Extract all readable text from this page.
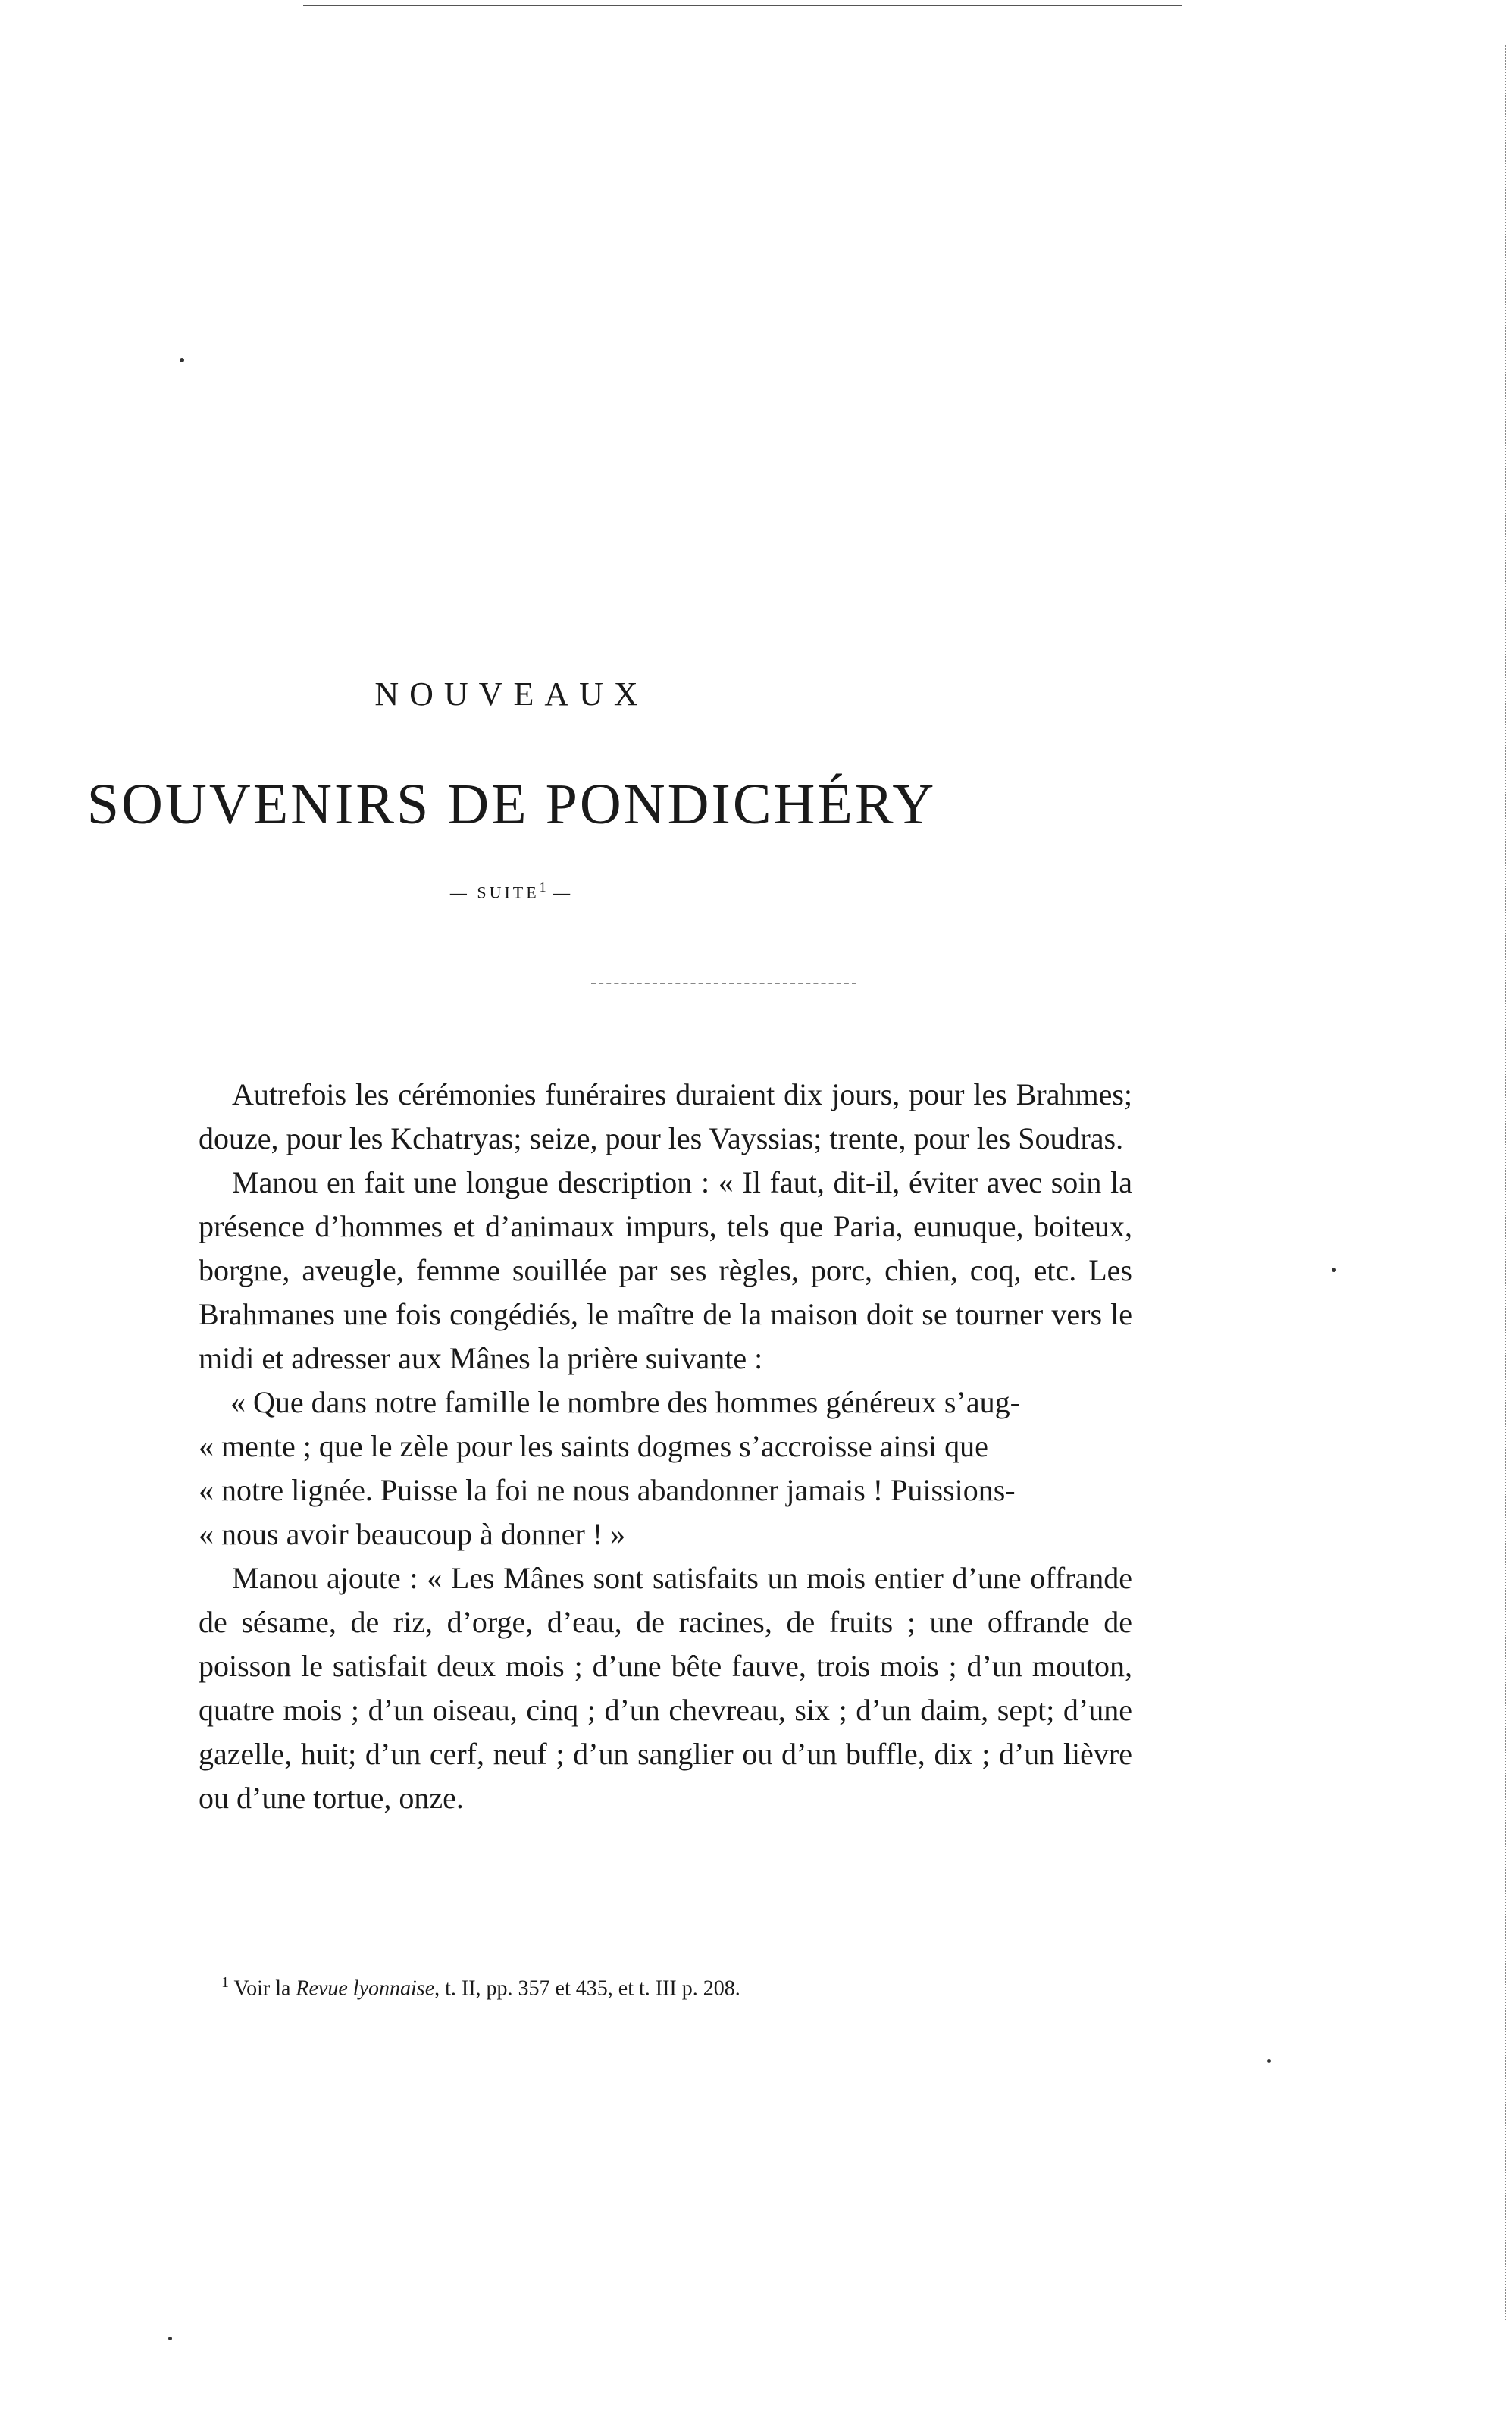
NOUVEAUX
SOUVENIRS DE PONDICHÉRY
— SUITE$^1$ —

Autrefois les cérémonies funéraires duraient dix jours, pour les Brahmes; douze, pour les Kchatryas; seize, pour les Vayssias; trente, pour les Soudras.

Manou en fait une longue description : « Il faut, dit-il, éviter avec soin la présence d’hommes et d’animaux impurs, tels que Paria, eunuque, boiteux, borgne, aveugle, femme souillée par ses règles, porc, chien, coq, etc. Les Brahmanes une fois congédiés, le maître de la maison doit se tourner vers le midi et adresser aux Mânes la prière suivante :

« Que dans notre famille le nombre des hommes généreux s’aug-

« mente ; que le zèle pour les saints dogmes s’accroisse ainsi que

« notre lignée. Puisse la foi ne nous abandonner jamais ! Puissions-

« nous avoir beaucoup à donner ! »

Manou ajoute : « Les Mânes sont satisfaits un mois entier d’une offrande de sésame, de riz, d’orge, d’eau, de racines, de fruits ; une offrande de poisson le satisfait deux mois ; d’une bête fauve, trois mois ; d’un mouton, quatre mois ; d’un oiseau, cinq ; d’un chevreau, six ; d’un daim, sept; d’une gazelle, huit; d’un cerf, neuf ; d’un sanglier ou d’un buffle, dix ; d’un lièvre ou d’une tortue, onze.

$^1$ Voir la Revue lyonnaise, t. II, pp. 357 et 435, et t. III p. 208.
